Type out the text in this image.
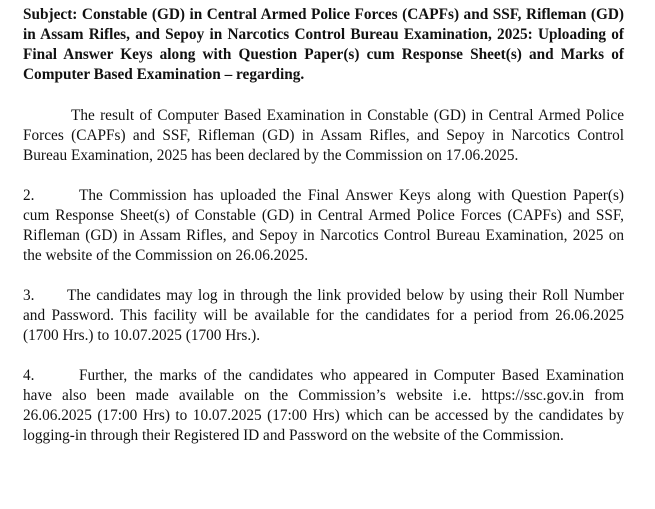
Subject: Constable (GD) in Central Armed Police Forces (CAPFs) and SSF, Rifleman (GD) in Assam Rifles, and Sepoy in Narcotics Control Bureau Examination, 2025: Uploading of Final Answer Keys along with Question Paper(s) cum Response Sheet(s) and Marks of Computer Based Examination – regarding.

The result of Computer Based Examination in Constable (GD) in Central Armed Police Forces (CAPFs) and SSF, Rifleman (GD) in Assam Rifles, and Sepoy in Narcotics Control Bureau Examination, 2025 has been declared by the Commission on 17.06.2025.

2.	The Commission has uploaded the Final Answer Keys along with Question Paper(s) cum Response Sheet(s) of Constable (GD) in Central Armed Police Forces (CAPFs) and SSF, Rifleman (GD) in Assam Rifles, and Sepoy in Narcotics Control Bureau Examination, 2025 on the website of the Commission on 26.06.2025.

3. The candidates may log in through the link provided below by using their Roll Number and Password. This facility will be available for the candidates for a period from 26.06.2025 (1700 Hrs.) to 10.07.2025 (1700 Hrs.).

4.	Further, the marks of the candidates who appeared in Computer Based Examination have also been made available on the Commission’s website i.e. https://ssc.gov.in from 26.06.2025 (17:00 Hrs) to 10.07.2025 (17:00 Hrs) which can be accessed by the candidates by logging-in through their Registered ID and Password on the website of the Commission.
